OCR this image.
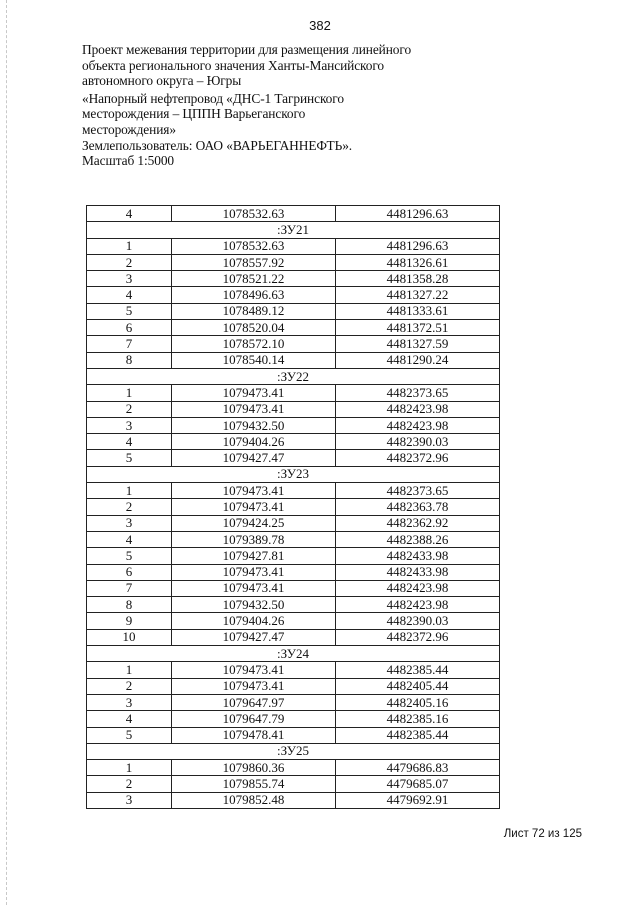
382

Проект межевания территории для размещения линейного

объекта регионального значения Ханты-Мансийского

автономного округа – Югры

«Напорный нефтепровод «ДНС-1 Тагринского

месторождения – ЦППН Варьеганского

месторождения»

Землепользователь: ОАО «ВАРЬЕГАННЕФТЬ».

Масштаб 1:5000

4	1078532.63	4481296.63
:ЗУ21		
1	1078532.63	4481296.63
2	1078557.92	4481326.61
3	1078521.22	4481358.28
4	1078496.63	4481327.22
5	1078489.12	4481333.61
6	1078520.04	4481372.51
7	1078572.10	4481327.59
8	1078540.14	4481290.24
:ЗУ22		
1	1079473.41	4482373.65
2	1079473.41	4482423.98
3	1079432.50	4482423.98
4	1079404.26	4482390.03
5	1079427.47	4482372.96
:ЗУ23		
1	1079473.41	4482373.65
2	1079473.41	4482363.78
3	1079424.25	4482362.92
4	1079389.78	4482388.26
5	1079427.81	4482433.98
6	1079473.41	4482433.98
7	1079473.41	4482423.98
8	1079432.50	4482423.98
9	1079404.26	4482390.03
10	1079427.47	4482372.96
:ЗУ24		
1	1079473.41	4482385.44
2	1079473.41	4482405.44
3	1079647.97	4482405.16
4	1079647.79	4482385.16
5	1079478.41	4482385.44
:ЗУ25		
1	1079860.36	4479686.83
2	1079855.74	4479685.07
3	1079852.48	4479692.91
Лист 72 из 125
